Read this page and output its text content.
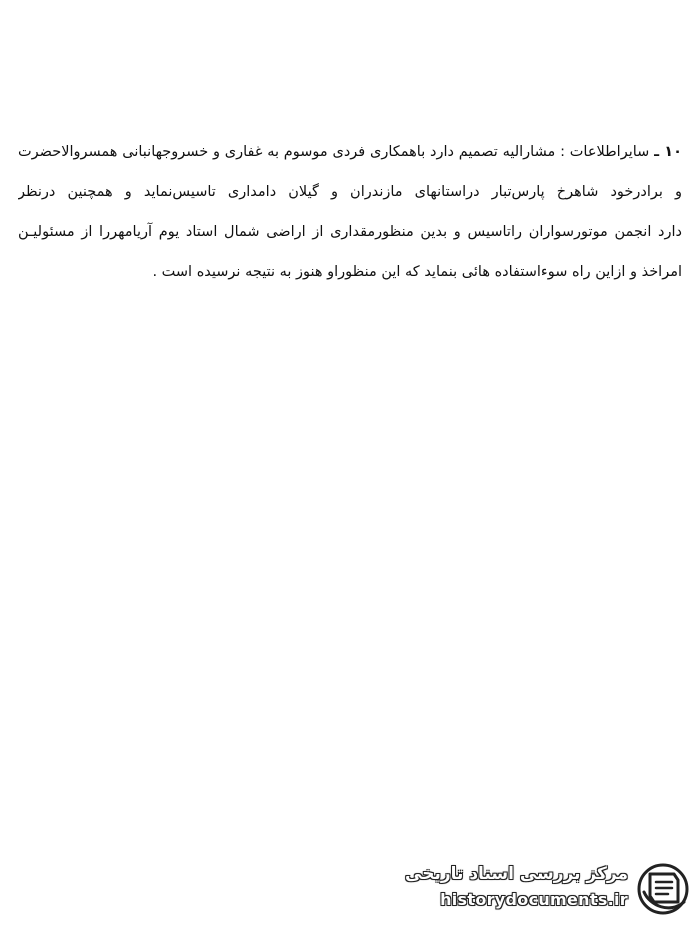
۱۰ ـ سایراطلاعات : مشارالیه تصمیم دارد باهمکاری فردی موسوم به غفاری و خسروجهانبانی همسروالاحضرت
و برادرخود شاهرخ پارس‌تبار دراستانهای مازندران و گیلان دامداری تاسیس‌نماید و همچنین درنظر
دارد انجمن موتورسواران راتاسیس و بدین منظورمقداری از اراضی شمال استاد یوم آریامهررا از مسئولیـن
امراخذ و ازاین راه سوءاستفاده هائی بنماید که این منظوراو هنوز به نتیجه نرسیده است .
مرکز بررسی اسناد تاریخی
historydocuments.ir
